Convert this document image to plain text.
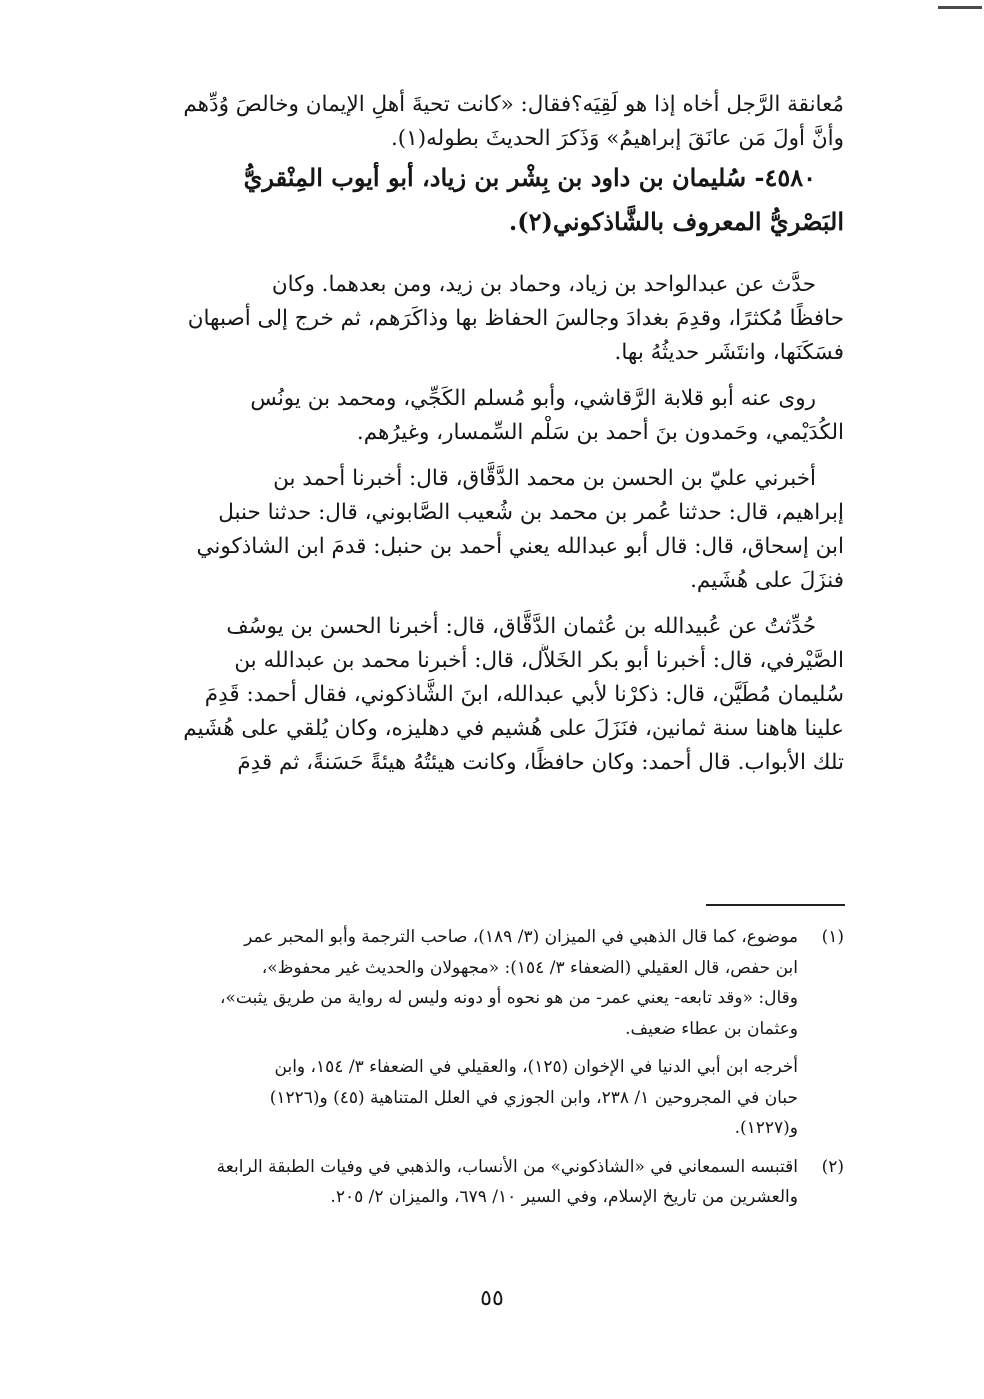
مُعانقة الرَّجل أخاه إذا هو لَقِيَه؟فقال: «كانت تحيةَ أهلِ الإيمان وخالصَ وُدِّهم
وأنَّ أولَ مَن عانَقَ إبراهيمُ» وَذَكرَ الحديثَ بطوله(١).
٤٥٨٠- سُليمان بن داود بن بِشْر بن زياد، أبو أيوب المِنْقريُّ
البَصْريُّ المعروف بالشَّاذكوني(٢).
حدَّث عن عبدالواحد بن زياد، وحماد بن زيد، ومن بعدهما. وكان
حافظًا مُكثرًا، وقدِمَ بغدادَ وجالسَ الحفاظ بها وذاكَرَهم، ثم خرج إلى أصبهان
فسَكَنَها، وانتَشَر حديثُهُ بها.
روى عنه أبو قلابة الرَّقاشي، وأبو مُسلم الكَجِّي، ومحمد بن يونُس
الكُدَيْمي، وحَمدون بنَ أحمد بن سَلْم السِّمسار، وغيرُهم.
أخبرني عليّ بن الحسن بن محمد الدَّقَّاق، قال: أخبرنا أحمد بن
إبراهيم، قال: حدثنا عُمر بن محمد بن شُعيب الصَّابوني، قال: حدثنا حنبل
ابن إسحاق، قال: قال أبو عبدالله يعني أحمد بن حنبل: قدمَ ابن الشاذكوني
فنزَلَ على هُشَيم.
حُدِّثتُ عن عُبيدالله بن عُثمان الدَّقَّاق، قال: أخبرنا الحسن بن يوسُف
الصَّيْرفي، قال: أخبرنا أبو بكر الخَلاَّل، قال: أخبرنا محمد بن عبدالله بن
سُليمان مُطَيَّن، قال: ذكرْنا لأبي عبدالله، ابنَ الشَّاذكوني، فقال أحمد: قَدِمَ
علينا هاهنا سنة ثمانين، فنَزَلَ على هُشيم في دهليزه، وكان يُلقي على هُشَيم
تلك الأبواب. قال أحمد: وكان حافظًا، وكانت هيئتُهُ هيئةً حَسَنةً، ثم قدِمَ
(١)
موضوع، كما قال الذهبي في الميزان (٣/ ١٨٩)، صاحب الترجمة وأبو المحبر عمر
ابن حفص، قال العقيلي (الضعفاء ٣/ ١٥٤): «مجهولان والحديث غير محفوظ»،
وقال: «وقد تابعه- يعني عمر- من هو نحوه أو دونه وليس له رواية من طريق يثبت»،
وعثمان بن عطاء ضعيف.
أخرجه ابن أبي الدنيا في الإخوان (١٢٥)، والعقيلي في الضعفاء ٣/ ١٥٤، وابن
حبان في المجروحين ١/ ٢٣٨، وابن الجوزي في العلل المتناهية (٤٥) و(١٢٢٦)
و(١٢٢٧).
(٢)
اقتبسه السمعاني في «الشاذكوني» من الأنساب، والذهبي في وفيات الطبقة الرابعة
والعشرين من تاريخ الإسلام، وفي السير ١٠/ ٦٧٩، والميزان ٢/ ٢٠٥.
٥٥
